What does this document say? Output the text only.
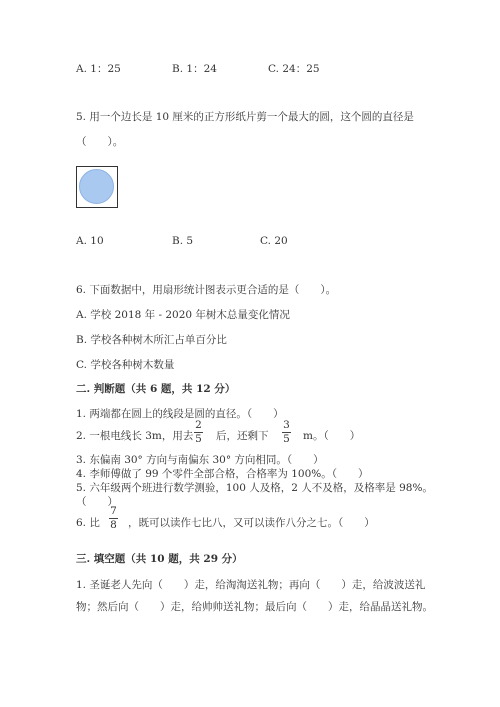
A. 1：25	B. 1：24	C. 24：25
5. 用一个边长是 10 厘米的正方形纸片剪一个最大的圆，这个圆的直径是
（　　）。
A. 10	B. 5	C. 20
6. 下面数据中，用扇形统计图表示更合适的是（　　）。
A. 学校 2018 年 - 2020 年树木总量变化情况
B. 学校各种树木所汇占单百分比
C. 学校各种树木数量
二. 判断题（共 6 题，共 12 分）
1. 两端都在圆上的线段是圆的直径。（　　）
2. 一根电线长 3m，用去
2
5 后，还剩下
3
5 m。（　　）
3. 东偏南 30° 方向与南偏东 30° 方向相同。（　　）
4. 李师傅做了 99 个零件全部合格，合格率为 100%。（　　）
5. 六年级两个班进行数学测验，100 人及格，2 人不及格，及格率是 98%。
（　　）
6. 比
7
8 ，既可以读作七比八，又可以读作八分之七。（　　）
三. 填空题（共 10 题，共 29 分）
1. 圣诞老人先向（　　）走，给淘淘送礼物；再向（　　）走，给波波送礼
物；然后向（　　）走，给帅帅送礼物；最后向（　　）走，给晶晶送礼物。
